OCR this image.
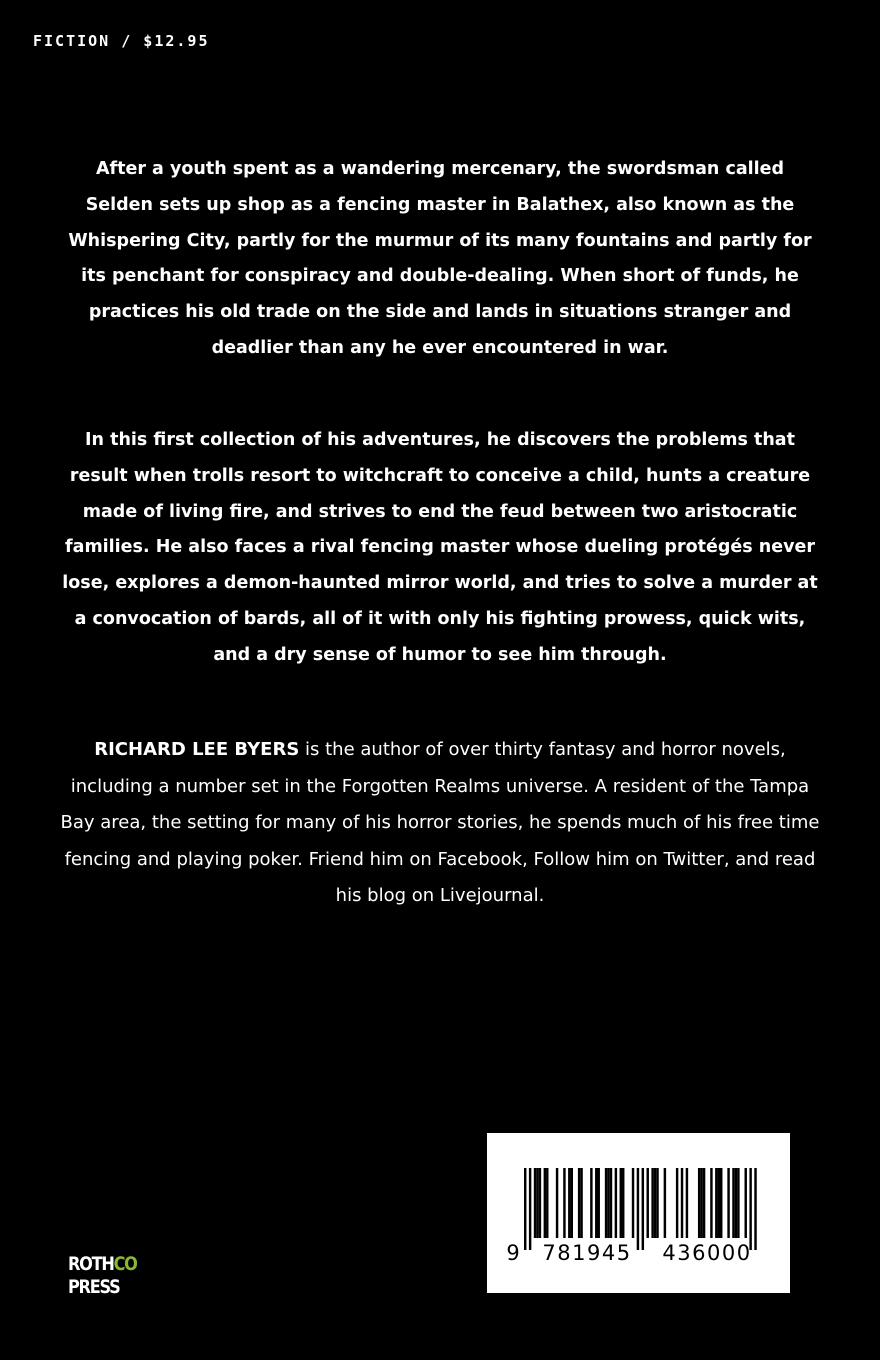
FICTION / $12.95

After a youth spent as a wandering mercenary, the swordsman called Selden sets up shop as a fencing master in Balathex, also known as the Whispering City, partly for the murmur of its many fountains and partly for its penchant for conspiracy and double-dealing. When short of funds, he practices his old trade on the side and lands in situations stranger and deadlier than any he ever encountered in war.

In this first collection of his adventures, he discovers the problems that result when trolls resort to witchcraft to conceive a child, hunts a creature made of living fire, and strives to end the feud between two aristocratic families. He also faces a rival fencing master whose dueling protégés never lose, explores a demon-haunted mirror world, and tries to solve a murder at a convocation of bards, all of it with only his fighting prowess, quick wits, and a dry sense of humor to see him through.

RICHARD LEE BYERS is the author of over thirty fantasy and horror novels, including a number set in the Forgotten Realms universe. A resident of the Tampa Bay area, the setting for many of his horror stories, he spends much of his free time fencing and playing poker. Friend him on Facebook, Follow him on Twitter, and read his blog on Livejournal.

ROTHCO
PRESS
9 781945 436000
